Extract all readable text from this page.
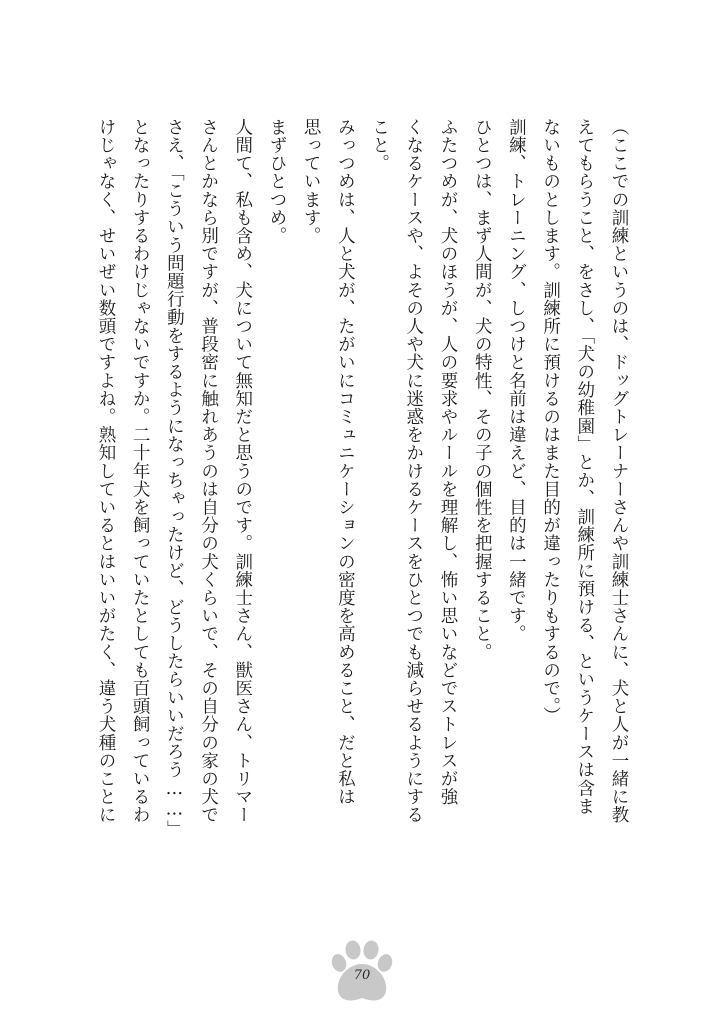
（ここでの訓練というのは、ドッグトレーナーさんや訓練士さんに、犬と人が一緒に教
えてもらうこと、をさし、「犬の幼稚園」とか、訓練所に預ける、というケースは含ま
ないものとします。訓練所に預けるのはまた目的が違ったりもするので。）
訓練、トレーニング、しつけと名前は違えど、目的は一緒です。
ひとつは、まず人間が、犬の特性、その子の個性を把握すること。
ふたつめが、犬のほうが、人の要求やルールを理解し、怖い思いなどでストレスが強
くなるケースや、よその人や犬に迷惑をかけるケースをひとつでも減らせるようにする
こと。
みっつめは、人と犬が、たがいにコミュニケーションの密度を高めること、だと私は
思っています。
まずひとつめ。
人間て、私も含め、犬について無知だと思うのです。訓練士さん、獣医さん、トリマー
さんとかなら別ですが、普段密に触れあうのは自分の犬くらいで、その自分の家の犬で
さえ、「こういう問題行動をするようになっちゃったけど、どうしたらいいだろう……」
となったりするわけじゃないですか。二十年犬を飼っていたとしても百頭飼っているわ
けじゃなく、せいぜい数頭ですよね。熟知しているとはいいがたく、違う犬種のことに
70
